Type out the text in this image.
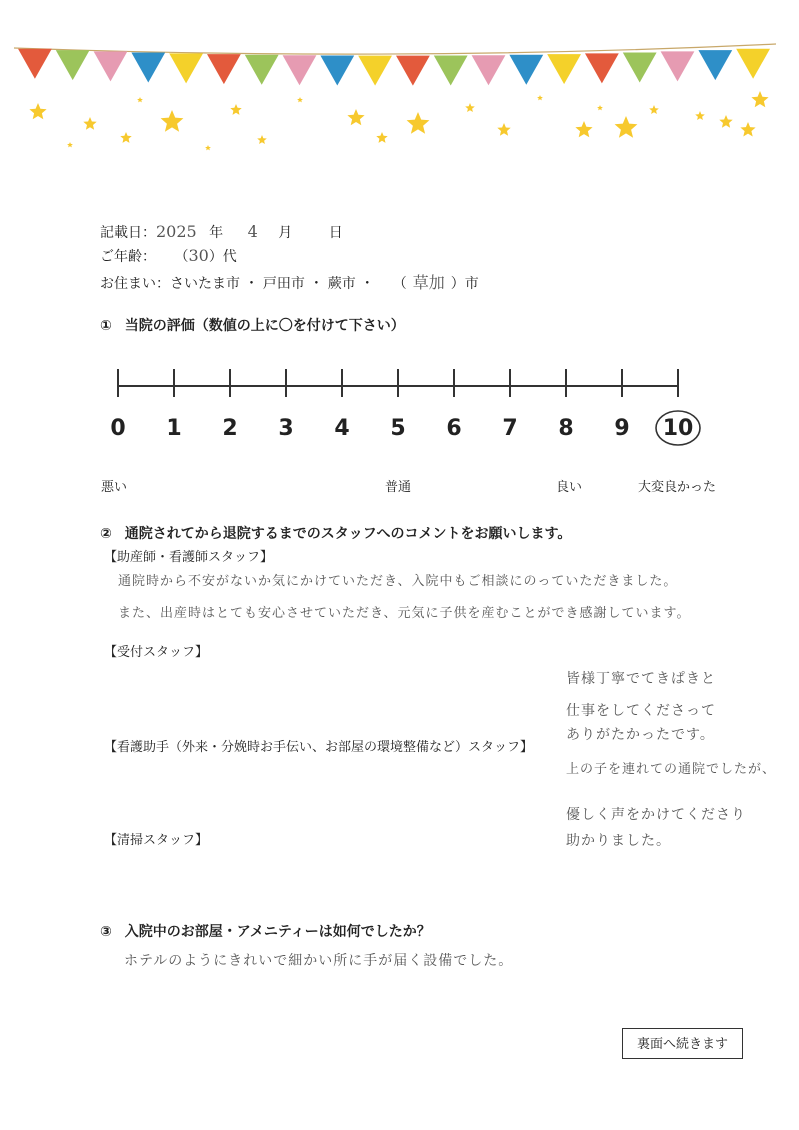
記載日：2025 年 4 月	日
ご年齢： （30）代
お住まい：さいたま市 ・ 戸田市 ・ 蕨市 ・ （ 草加 ）市
① 当院の評価（数値の上に〇を付けて下さい）
0	1	2	3	4	5	6	7	8	9	10
悪い	普通	良い	大変良かった
② 通院されてから退院するまでのスタッフへのコメントをお願いします。
【助産師・看護師スタッフ】
通院時から不安がないか気にかけていただき、入院中もご相談にのっていただきました。
また、出産時はとても安心させていただき、元気に子供を産むことができ感謝しています。
【受付スタッフ】
【看護助手（外来・分娩時お手伝い、お部屋の環境整備など）スタッフ】
【清掃スタッフ】
皆様丁寧でてきぱきと
仕事をしてくださって
ありがたかったです。
上の子を連れての通院でしたが、
優しく声をかけてくださり
助かりました。
③ 入院中のお部屋・アメニティーは如何でしたか？
ホテルのようにきれいで細かい所に手が届く設備でした。
裏面へ続きます
